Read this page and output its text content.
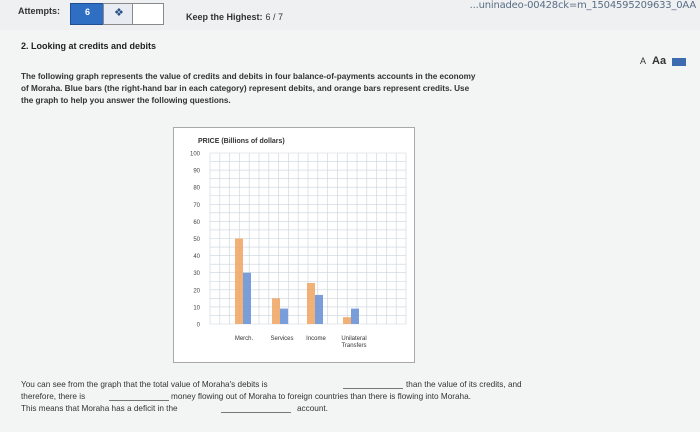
...uninadeo-00428ck=m_1504595209633_0AA
Attempts:	6 ❖	Keep the Highest: 6 / 7
2. Looking at credits and debits
A Aa
The following graph represents the value of credits and debits in four balance-of-payments accounts in the economy
of Moraha. Blue bars (the right-hand bar in each category) represent debits, and orange bars represent credits. Use
the graph to help you answer the following questions.
PRICE (Billions of dollars)
0
10
20
30
40
50
60
70
80
90
100
Merch.	Services Income	Unilateral
Transfers
You can see from the graph that the total value of Moraha's debits is	than the value of its credits, and
therefore, there is	money flowing out of Moraha to foreign countries than there is flowing into Moraha.
This means that Moraha has a deficit in the	account.
